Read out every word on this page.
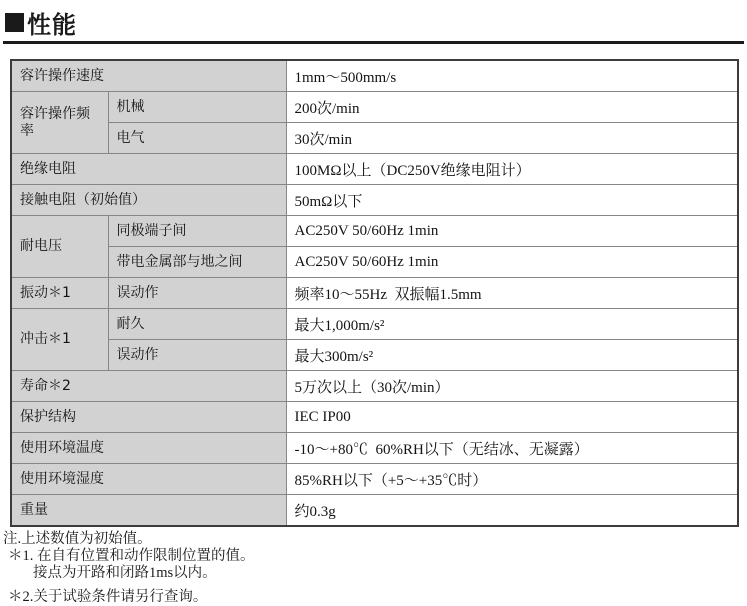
性能
容许操作速度		1mm～500mm/s
容许操作频率	机械	200次/min
	电气	30次/min
绝缘电阻		100MΩ以上（DC250V绝缘电阻计）
接触电阻（初始值）		50mΩ以下
耐电压	同极端子间	AC250V 50/60Hz 1min
	带电金属部与地之间	AC250V 50/60Hz 1min
振动＊1	误动作	频率10～55Hz  双振幅1.5mm
冲击＊1	耐久	最大1,000m/s²
	误动作	最大300m/s²
寿命＊2		5万次以上（30次/min）
保护结构		IEC IP00
使用环境温度		-10～+80℃  60%RH以下（无结冰、无凝露）
使用环境湿度		85%RH以下（+5～+35℃时）
重量		约0.3g
注.上述数值为初始值。
＊1. 在自有位置和动作限制位置的值。
接点为开路和闭路1ms以内。
＊2.关于试验条件请另行查询。
